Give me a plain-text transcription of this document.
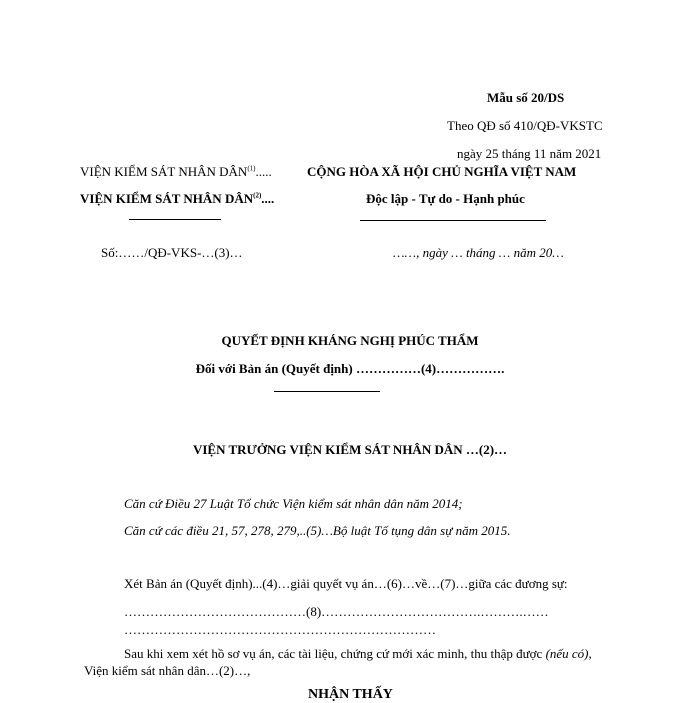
Mẫu số 20/DS
Theo QĐ số 410/QĐ-VKSTC
ngày 25 tháng 11 năm 2021
VIỆN KIỂM SÁT NHÂN DÂN$^{(1)}$.....
VIỆN KIỂM SÁT NHÂN DÂN$^{(2)}$....
Số:……/QĐ-VKS-…(3)…
CỘNG HÒA XÃ HỘI CHỦ NGHĨA VIỆT NAM
Độc lập - Tự do - Hạnh phúc
……, ngày … tháng … năm 20…
QUYẾT ĐỊNH KHÁNG NGHỊ PHÚC THẨM
Đối với Bản án (Quyết định) ……………(4)…………….
VIỆN TRƯỞNG VIỆN KIỂM SÁT NHÂN DÂN …(2)…
Căn cứ Điều 27 Luật Tổ chức Viện kiểm sát nhân dân năm 2014;
Căn cứ các điều 21, 57, 278, 279,..(5)…Bộ luật Tố tụng dân sự năm 2015.
Xét Bản án (Quyết định)...(4)…giải quyết vụ án…(6)…về…(7)…giữa các đương sự:
……………………………………(8)……………………………….……….……
………………………………………………………………
Sau khi xem xét hồ sơ vụ án, các tài liệu, chứng cứ mới xác minh, thu thập được (nếu có),
Viện kiểm sát nhân dân…(2)…,
NHẬN THẤY
